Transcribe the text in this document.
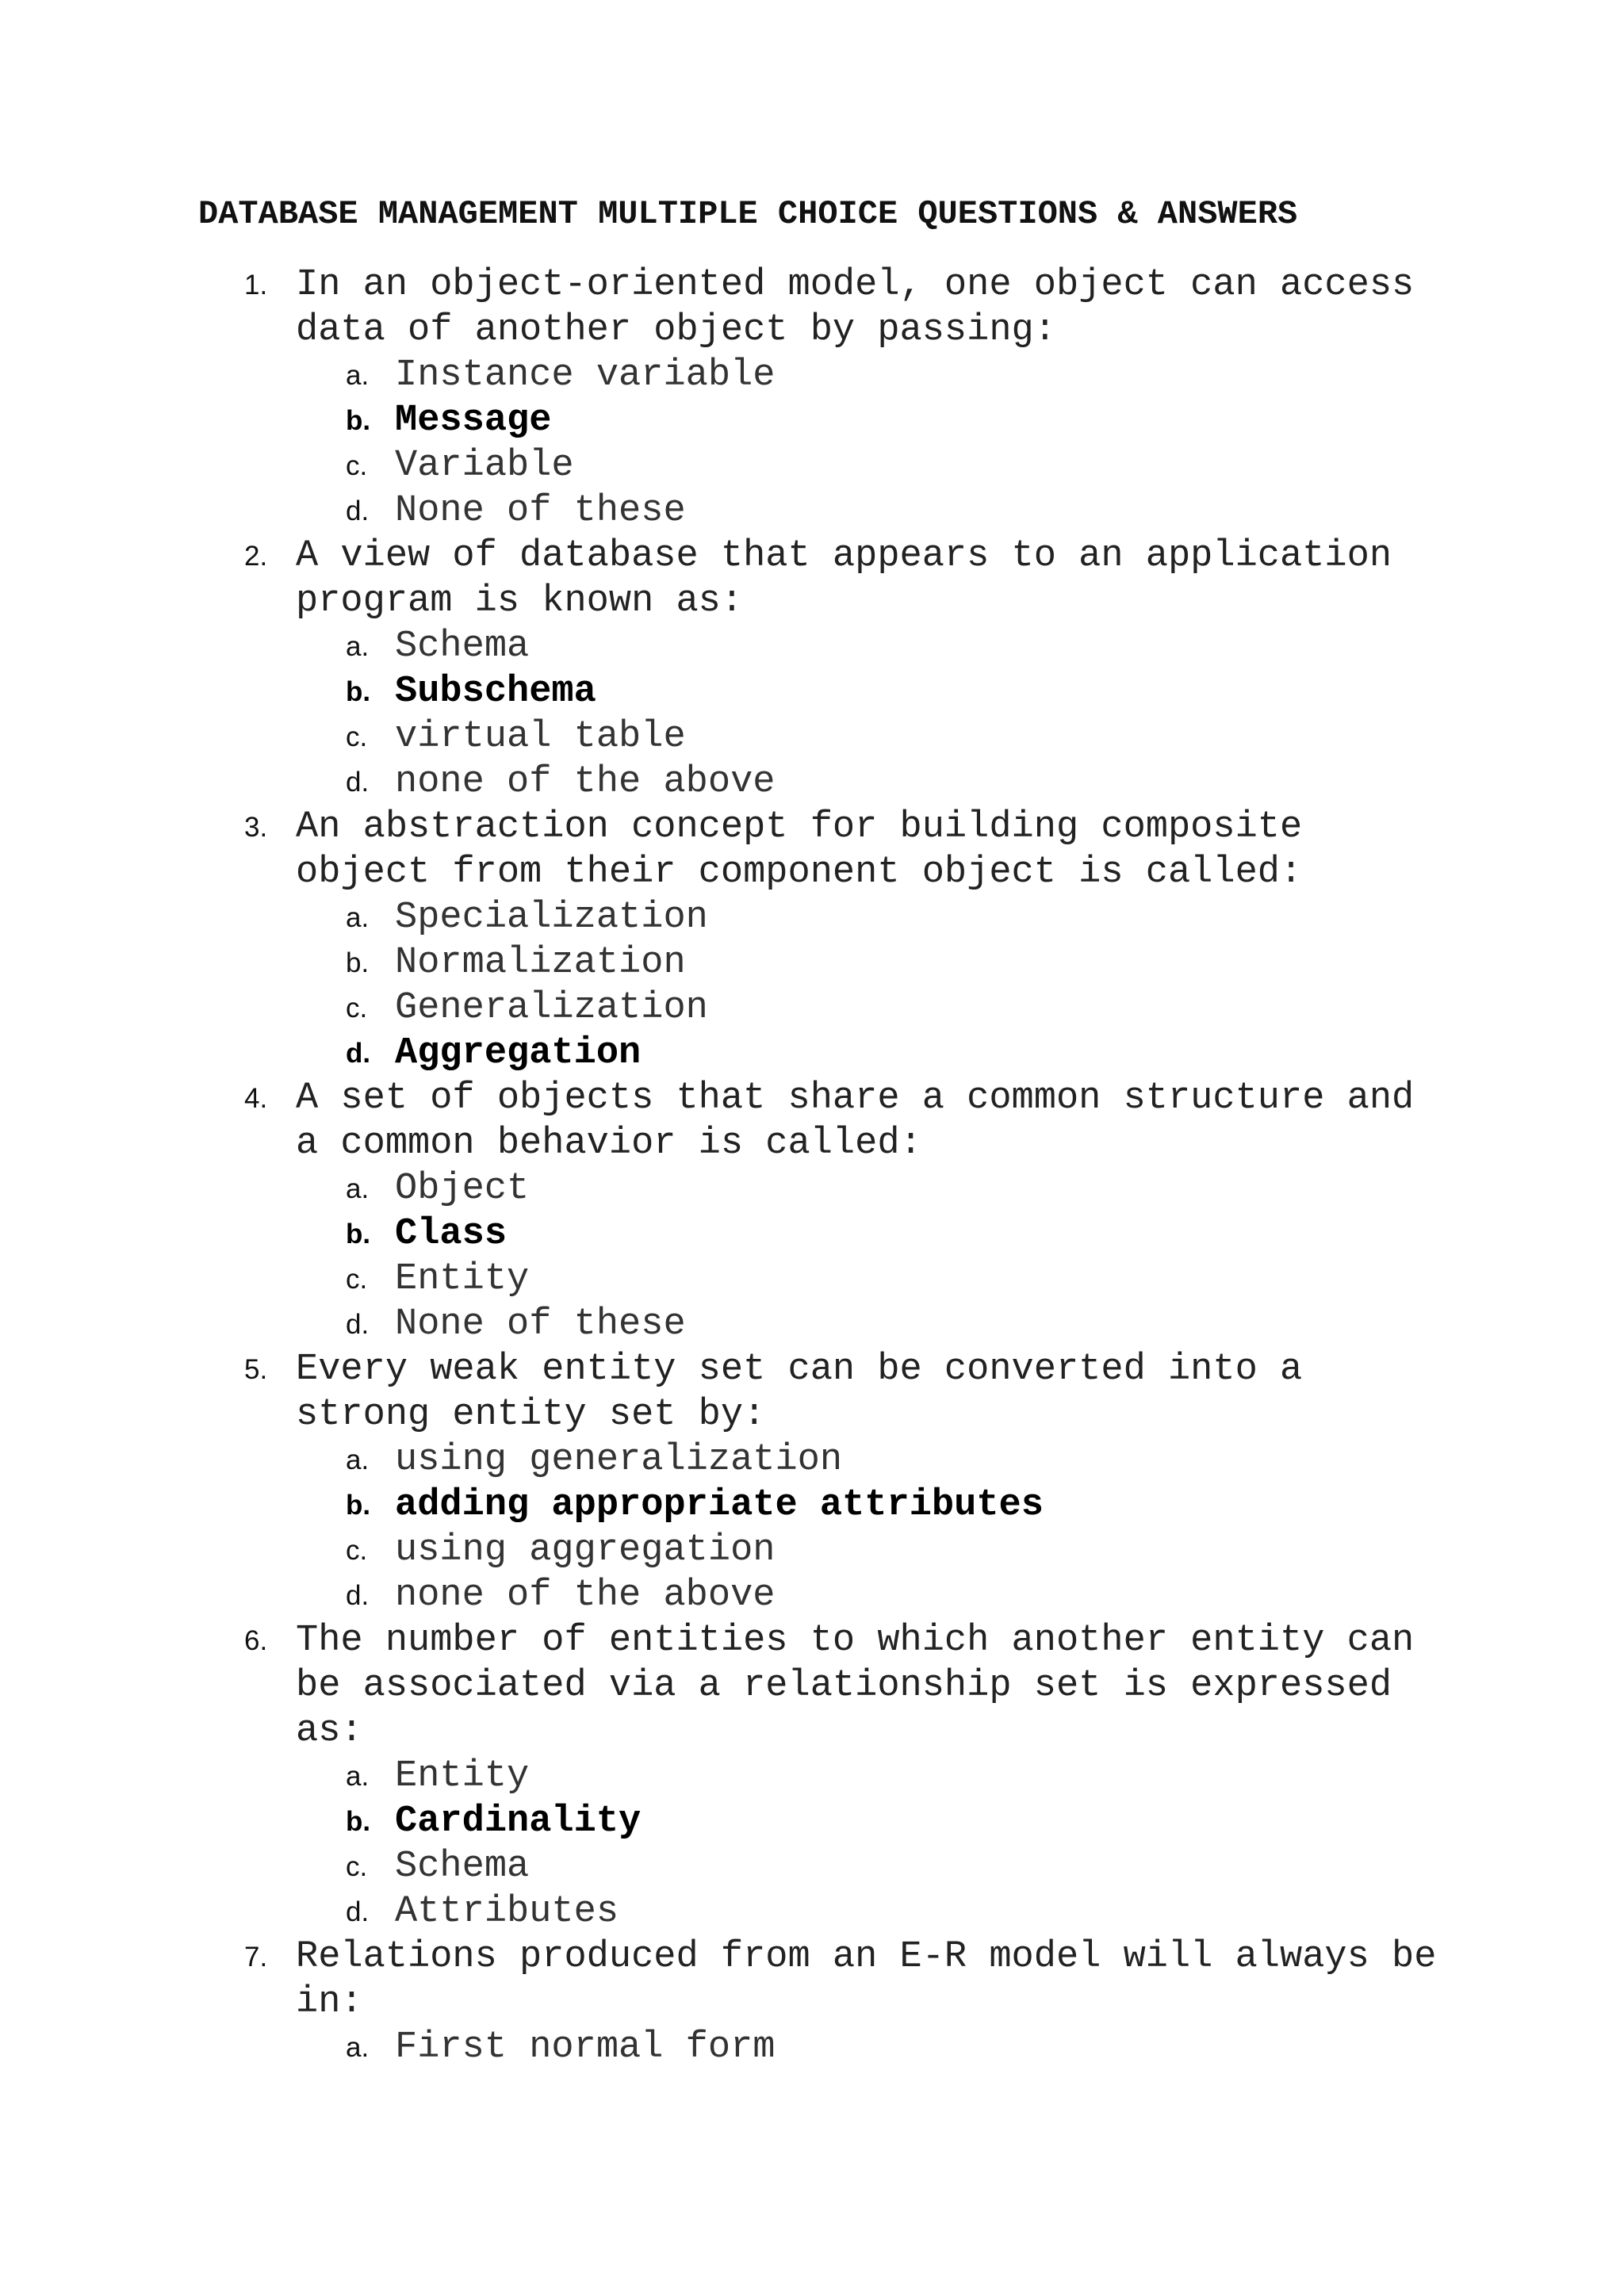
DATABASE MANAGEMENT MULTIPLE CHOICE QUESTIONS & ANSWERS
1. In an object-oriented model, one object can access
data of another object by passing:
a. Instance variable
b. Message
c. Variable
d. None of these
2. A view of database that appears to an application
program is known as:
a. Schema
b. Subschema
c. virtual table
d. none of the above
3. An abstraction concept for building composite
object from their component object is called:
a. Specialization
b. Normalization
c. Generalization
d. Aggregation
4. A set of objects that share a common structure and
a common behavior is called:
a. Object
b. Class
c. Entity
d. None of these
5. Every weak entity set can be converted into a
strong entity set by:
a. using generalization
b. adding appropriate attributes
c. using aggregation
d. none of the above
6. The number of entities to which another entity can
be associated via a relationship set is expressed
as:
a. Entity
b. Cardinality
c. Schema
d. Attributes
7. Relations produced from an E-R model will always be
in:
a. First normal form
